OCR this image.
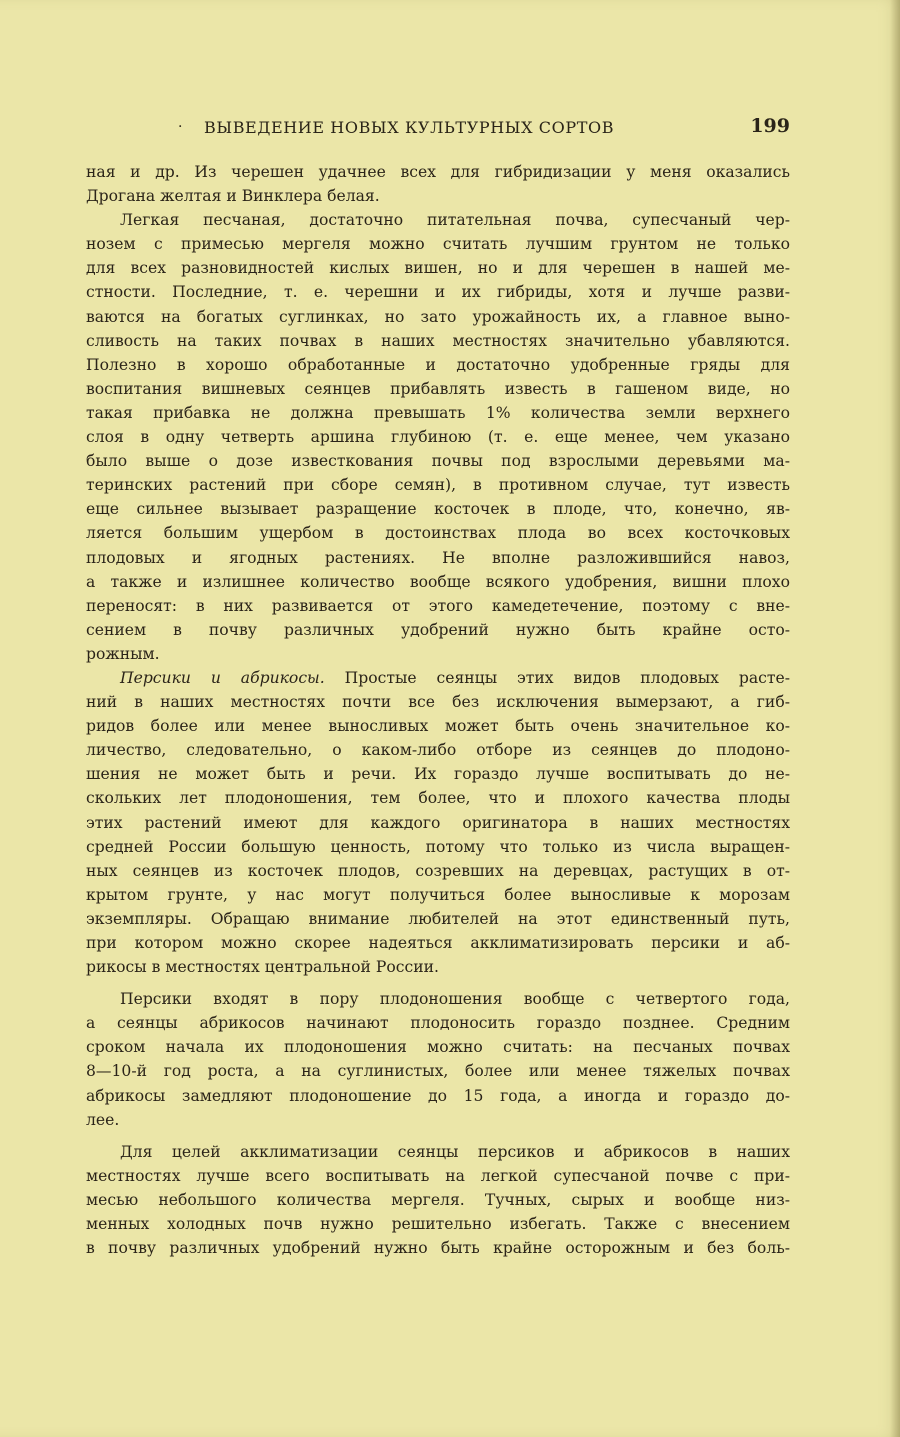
· ВЫВЕДЕНИЕ НОВЫХ КУЛЬТУРНЫХ СОРТОВ	199
ная и др. Из черешен удачнее всех для гибридизации у меня оказались
Дрогана желтая и Винклера белая.
Легкая песчаная, достаточно питательная почва, супесчаный чер-
нозем с примесью мергеля можно считать лучшим грунтом не только
для всех разновидностей кислых вишен, но и для черешен в нашей ме-
стности. Последние, т. е. черешни и их гибриды, хотя и лучше разви-
ваются на богатых суглинках, но зато урожайность их, а главное выно-
сливость на таких почвах в наших местностях значительно убавляются.
Полезно в хорошо обработанные и достаточно удобренные гряды для
воспитания вишневых сеянцев прибавлять известь в гашеном виде, но
такая прибавка не должна превышать 1% количества земли верхнего
слоя в одну четверть аршина глубиною (т. е. еще менее, чем указано
было выше о дозе известкования почвы под взрослыми деревьями ма-
теринских растений при сборе семян), в противном случае, тут известь
еще сильнее вызывает разращение косточек в плоде, что, конечно, яв-
ляется большим ущербом в достоинствах плода во всех косточковых
плодовых и ягодных растениях. Не вполне разложившийся навоз,
а также и излишнее количество вообще всякого удобрения, вишни плохо
переносят: в них развивается от этого камедетечение, поэтому с вне-
сением в почву различных удобрений нужно быть крайне осто-
рожным.
Персики и абрикосы. Простые сеянцы этих видов плодовых расте-
ний в наших местностях почти все без исключения вымерзают, а гиб-
ридов более или менее выносливых может быть очень значительное ко-
личество, следовательно, о каком-либо отборе из сеянцев до плодоно-
шения не может быть и речи. Их гораздо лучше воспитывать до не-
скольких лет плодоношения, тем более, что и плохого качества плоды
этих растений имеют для каждого оригинатора в наших местностях
средней России большую ценность, потому что только из числа выращен-
ных сеянцев из косточек плодов, созревших на деревцах, растущих в от-
крытом грунте, у нас могут получиться более выносливые к морозам
экземпляры. Обращаю внимание любителей на этот единственный путь,
при котором можно скорее надеяться акклиматизировать персики и аб-
рикосы в местностях центральной России.
Персики входят в пору плодоношения вообще с четвертого года,
а сеянцы абрикосов начинают плодоносить гораздо позднее. Средним
сроком начала их плодоношения можно считать: на песчаных почвах
8—10-й год роста, а на суглинистых, более или менее тяжелых почвах
абрикосы замедляют плодоношение до 15 года, а иногда и гораздо до-
лее.
Для целей акклиматизации сеянцы персиков и абрикосов в наших
местностях лучше всего воспитывать на легкой супесчаной почве с при-
месью небольшого количества мергеля. Тучных, сырых и вообще низ-
менных холодных почв нужно решительно избегать. Также с внесением
в почву различных удобрений нужно быть крайне осторожным и без боль-
